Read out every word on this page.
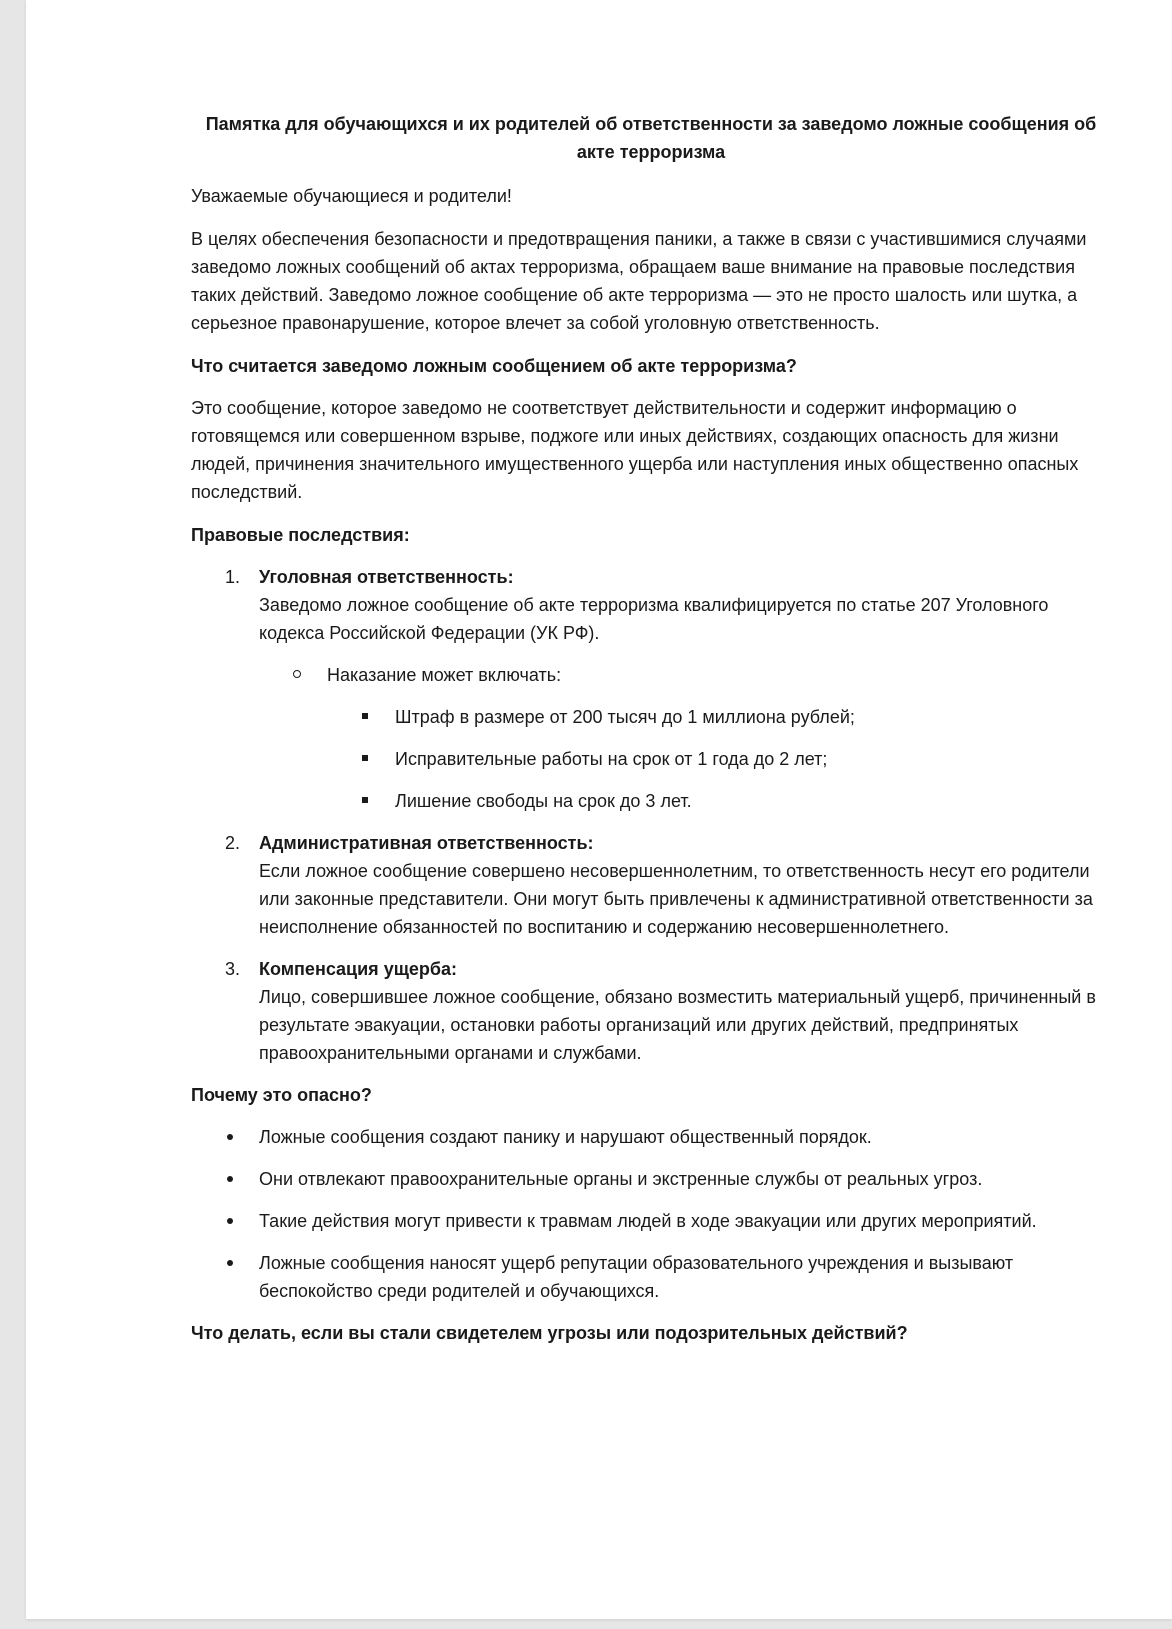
Памятка для обучающихся и их родителей об ответственности за заведомо ложные сообщения об акте терроризма

Уважаемые обучающиеся и родители!

В целях обеспечения безопасности и предотвращения паники, а также в связи с участившимися случаями заведомо ложных сообщений об актах терроризма, обращаем ваше внимание на правовые последствия таких действий. Заведомо ложное сообщение об акте терроризма — это не просто шалость или шутка, а серьезное правонарушение, которое влечет за собой уголовную ответственность.

Что считается заведомо ложным сообщением об акте терроризма?

Это сообщение, которое заведомо не соответствует действительности и содержит информацию о готовящемся или совершенном взрыве, поджоге или иных действиях, создающих опасность для жизни людей, причинения значительного имущественного ущерба или наступления иных общественно опасных последствий.

Правовые последствия:
1. Уголовная ответственность:
Заведомо ложное сообщение об акте терроризма квалифицируется по статье 207 Уголовного кодекса Российской Федерации (УК РФ).
Наказание может включать:
Штраф в размере от 200 тысяч до 1 миллиона рублей;
Исправительные работы на срок от 1 года до 2 лет;
Лишение свободы на срок до 3 лет.
2. Административная ответственность:
Если ложное сообщение совершено несовершеннолетним, то ответственность несут его родители или законные представители. Они могут быть привлечены к административной ответственности за неисполнение обязанностей по воспитанию и содержанию несовершеннолетнего.
3. Компенсация ущерба:
Лицо, совершившее ложное сообщение, обязано возместить материальный ущерб, причиненный в результате эвакуации, остановки работы организаций или других действий, предпринятых правоохранительными органами и службами.
Почему это опасно?
Ложные сообщения создают панику и нарушают общественный порядок.
Они отвлекают правоохранительные органы и экстренные службы от реальных угроз.
Такие действия могут привести к травмам людей в ходе эвакуации или других мероприятий.
Ложные сообщения наносят ущерб репутации образовательного учреждения и вызывают беспокойство среди родителей и обучающихся.
Что делать, если вы стали свидетелем угрозы или подозрительных действий?
